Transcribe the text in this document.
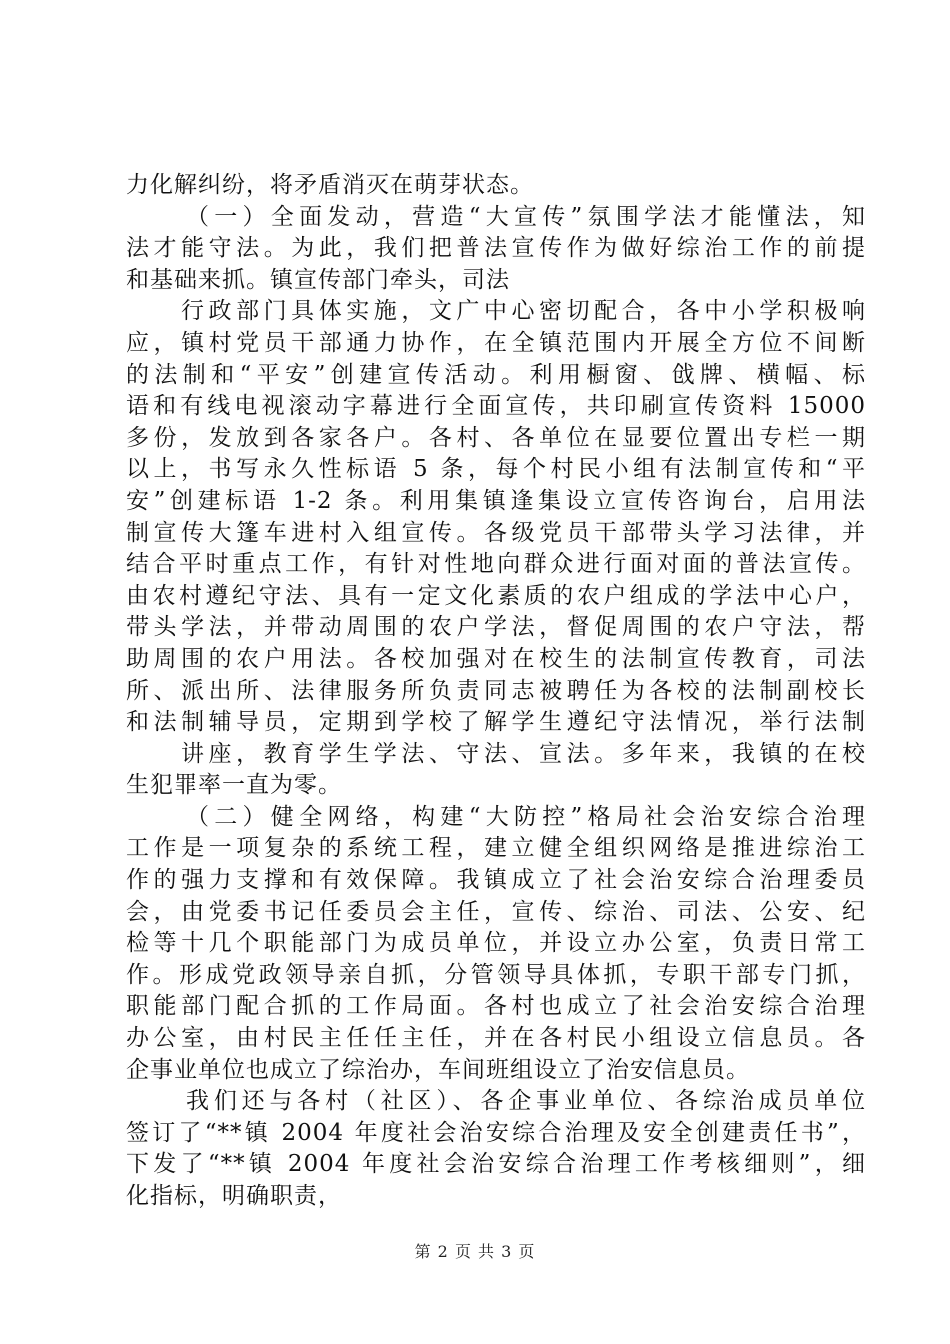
力化解纠纷，将矛盾消灭在萌芽状态。
（一）全面发动，营造“大宣传”氛围学法才能懂法，知
法才能守法。为此，我们把普法宣传作为做好综治工作的前提
和基础来抓。镇宣传部门牵头，司法
行政部门具体实施，文广中心密切配合，各中小学积极响
应，镇村党员干部通力协作，在全镇范围内开展全方位不间断
的法制和“平安”创建宣传活动。利用橱窗、戗牌、横幅、标
语和有线电视滚动字幕进行全面宣传，共印刷宣传资料 15000
多份，发放到各家各户。各村、各单位在显要位置出专栏一期
以上，书写永久性标语 5 条，每个村民小组有法制宣传和“平
安”创建标语 1-2 条。利用集镇逢集设立宣传咨询台，启用法
制宣传大篷车进村入组宣传。各级党员干部带头学习法律，并
结合平时重点工作，有针对性地向群众进行面对面的普法宣传。
由农村遵纪守法、具有一定文化素质的农户组成的学法中心户，
带头学法，并带动周围的农户学法，督促周围的农户守法，帮
助周围的农户用法。各校加强对在校生的法制宣传教育，司法
所、派出所、法律服务所负责同志被聘任为各校的法制副校长
和法制辅导员，定期到学校了解学生遵纪守法情况，举行法制
讲座，教育学生学法、守法、宣法。多年来，我镇的在校
生犯罪率一直为零。
（二）健全网络，构建“大防控”格局社会治安综合治理
工作是一项复杂的系统工程，建立健全组织网络是推进综治工
作的强力支撑和有效保障。我镇成立了社会治安综合治理委员
会，由党委书记任委员会主任，宣传、综治、司法、公安、纪
检等十几个职能部门为成员单位，并设立办公室，负责日常工
作。形成党政领导亲自抓，分管领导具体抓，专职干部专门抓，
职能部门配合抓的工作局面。各村也成立了社会治安综合治理
办公室，由村民主任任主任，并在各村民小组设立信息员。各
企事业单位也成立了综治办，车间班组设立了治安信息员。
我们还与各村（社区）、各企事业单位、各综治成员单位
签订了“**镇 2004 年度社会治安综合治理及安全创建责任书”，
下发了“**镇 2004 年度社会治安综合治理工作考核细则”，细
化指标，明确职责，
第 2 页 共 3 页
